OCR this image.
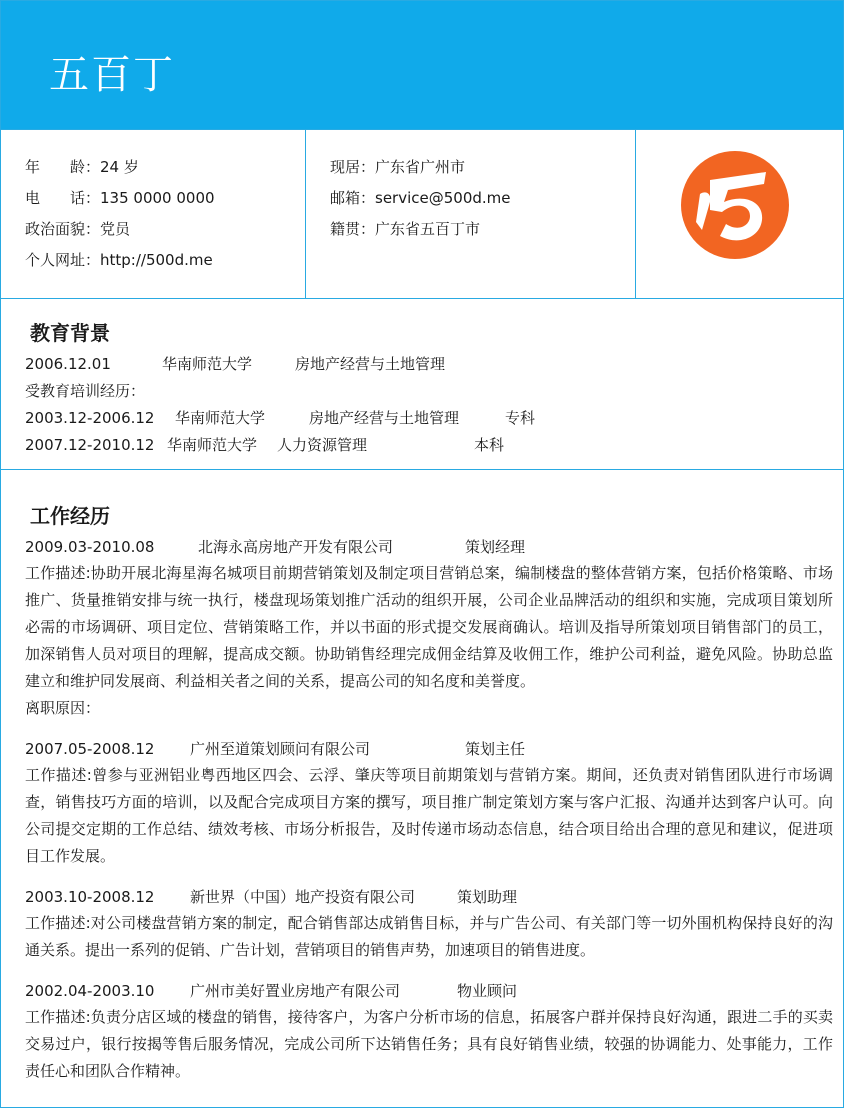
五百丁
年　　龄：24 岁
电　　话：135 0000 0000
政治面貌：党员
个人网址：http://500d.me
现居：广东省广州市
邮箱：service@500d.me
籍贯：广东省五百丁市
教育背景
2006.12.01	华南师范大学	房地产经营与土地管理
受教育培训经历：
2003.12-2006.12 华南师范大学	房地产经营与土地管理	专科
2007.12-2010.12 华南师范大学 人力资源管理	本科
工作经历
2009.03-2010.08	北海永高房地产开发有限公司	策划经理
工作描述:协助开展北海星海名城项目前期营销策划及制定项目营销总案，编制楼盘的整体营销方案，包括价格策略、市场推广、货量推销安排与统一执行，楼盘现场策划推广活动的组织开展，公司企业品牌活动的组织和实施，完成项目策划所必需的市场调研、项目定位、营销策略工作，并以书面的形式提交发展商确认。培训及指导所策划项目销售部门的员工，加深销售人员对项目的理解，提高成交额。协助销售经理完成佣金结算及收佣工作，维护公司利益，避免风险。协助总监建立和维护同发展商、利益相关者之间的关系，提高公司的知名度和美誉度。
离职原因：
2007.05-2008.12 广州至道策划顾问有限公司	策划主任
工作描述:曾参与亚洲铝业粤西地区四会、云浮、肇庆等项目前期策划与营销方案。期间，还负责对销售团队进行市场调查，销售技巧方面的培训，以及配合完成项目方案的撰写，项目推广制定策划方案与客户汇报、沟通并达到客户认可。向公司提交定期的工作总结、绩效考核、市场分析报告，及时传递市场动态信息，结合项目给出合理的意见和建议，促进项目工作发展。
2003.10-2008.12 新世界（中国）地产投资有限公司	策划助理
工作描述:对公司楼盘营销方案的制定，配合销售部达成销售目标，并与广告公司、有关部门等一切外围机构保持良好的沟通关系。提出一系列的促销、广告计划，营销项目的销售声势，加速项目的销售进度。
2002.04-2003.10 广州市美好置业房地产有限公司	物业顾问
工作描述:负责分店区域的楼盘的销售，接待客户，为客户分析市场的信息，拓展客户群并保持良好沟通，跟进二手的买卖交易过户，银行按揭等售后服务情况，完成公司所下达销售任务；具有良好销售业绩，较强的协调能力、处事能力，工作责任心和团队合作精神。
